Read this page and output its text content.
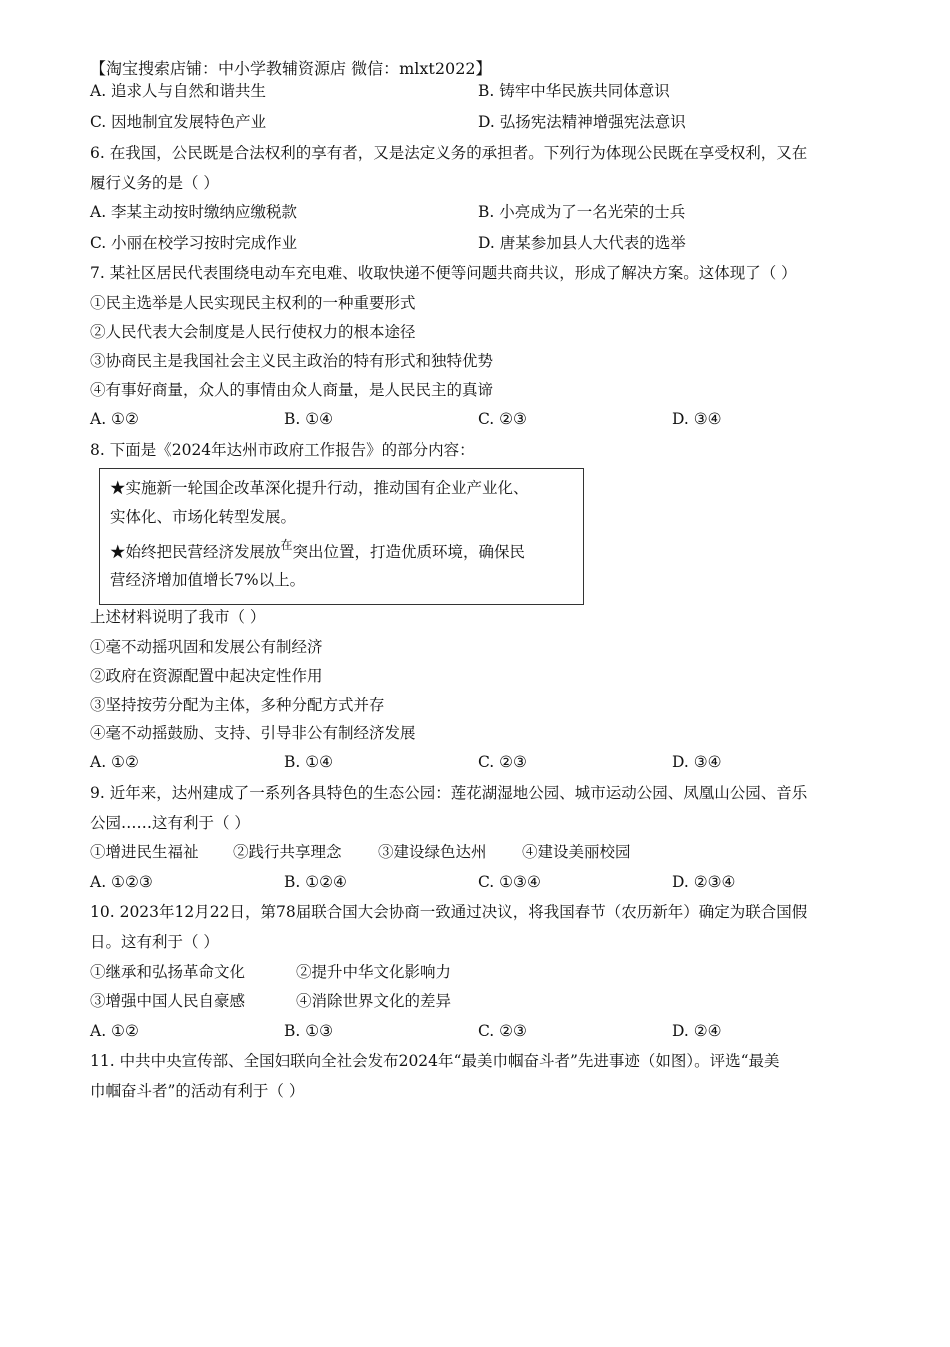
【淘宝搜索店铺：中小学教辅资源店 微信：mlxt2022】
A. 追求人与自然和谐共生	B. 铸牢中华民族共同体意识
C. 因地制宜发展特色产业	D. 弘扬宪法精神增强宪法意识
6. 在我国，公民既是合法权利的享有者，又是法定义务的承担者。下列行为体现公民既在享受权利，又在
履行义务的是（ ）
A. 李某主动按时缴纳应缴税款	B. 小亮成为了一名光荣的士兵
C. 小丽在校学习按时完成作业	D. 唐某参加县人大代表的选举
7. 某社区居民代表围绕电动车充电难、收取快递不便等问题共商共议，形成了解决方案。这体现了（ ）
①民主选举是人民实现民主权利的一种重要形式
②人民代表大会制度是人民行使权力的根本途径
③协商民主是我国社会主义民主政治的特有形式和独特优势
④有事好商量，众人的事情由众人商量，是人民民主的真谛
A. ①②	B. ①④	C. ②③	D. ③④
8. 下面是《2024年达州市政府工作报告》的部分内容：
★实施新一轮国企改革深化提升行动，推动国有企业产业化、
实体化、市场化转型发展。
★始终把民营经济发展放$^在$突出位置，打造优质环境，确保民
营经济增加值增长7%以上。
上述材料说明了我市（ ）
①毫不动摇巩固和发展公有制经济
②政府在资源配置中起决定性作用
③坚持按劳分配为主体，多种分配方式并存
④毫不动摇鼓励、支持、引导非公有制经济发展
A. ①②	B. ①④	C. ②③	D. ③④
9. 近年来，达州建成了一系列各具特色的生态公园：莲花湖湿地公园、城市运动公园、凤凰山公园、音乐
公园……这有利于（ ）
①增进民生福祉 ②践行共享理念 ③建设绿色达州 ④建设美丽校园
A. ①②③	B. ①②④	C. ①③④	D. ②③④
10. 2023年12月22日，第78届联合国大会协商一致通过决议，将我国春节（农历新年）确定为联合国假
日。这有利于（ ）
①继承和弘扬革命文化	②提升中华文化影响力
③增强中国人民自豪感	④消除世界文化的差异
A. ①②	B. ①③	C. ②③	D. ②④
11. 中共中央宣传部、全国妇联向全社会发布2024年“最美巾帼奋斗者”先进事迹（如图）。评选“最美
巾帼奋斗者”的活动有利于（ ）
